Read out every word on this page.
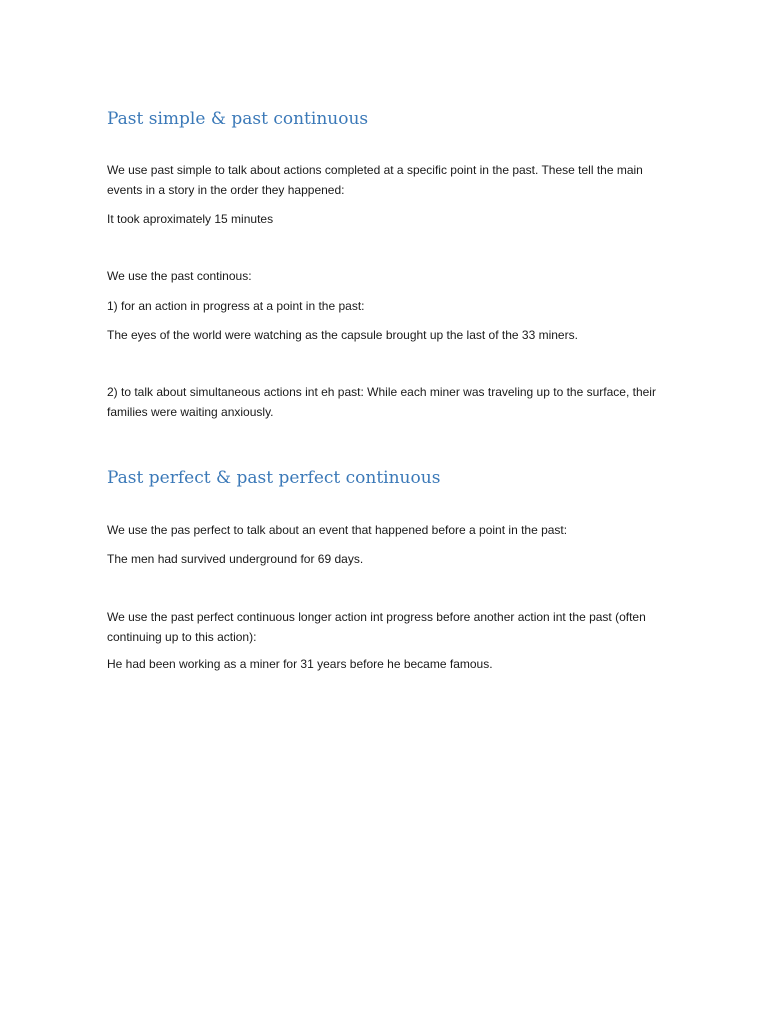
Past simple & past continuous

We use past simple to talk about actions completed at a specific point in the past. These tell the main events in a story in the order they happened:

It took aproximately 15 minutes

We use the past continous:

1) for an action in progress at a point in the past:

The eyes of the world were watching as the capsule brought up the last of the 33 miners.

2) to talk about simultaneous actions int eh past: While each miner was traveling up to the surface, their families were waiting anxiously.

Past perfect & past perfect continuous

We use the pas perfect to talk about an event that happened before a point in the past:

The men had survived underground for 69 days.

We use the past perfect continuous longer action int progress before another action int the past (often continuing up to this action):

He had been working as a miner for 31 years before he became famous.
